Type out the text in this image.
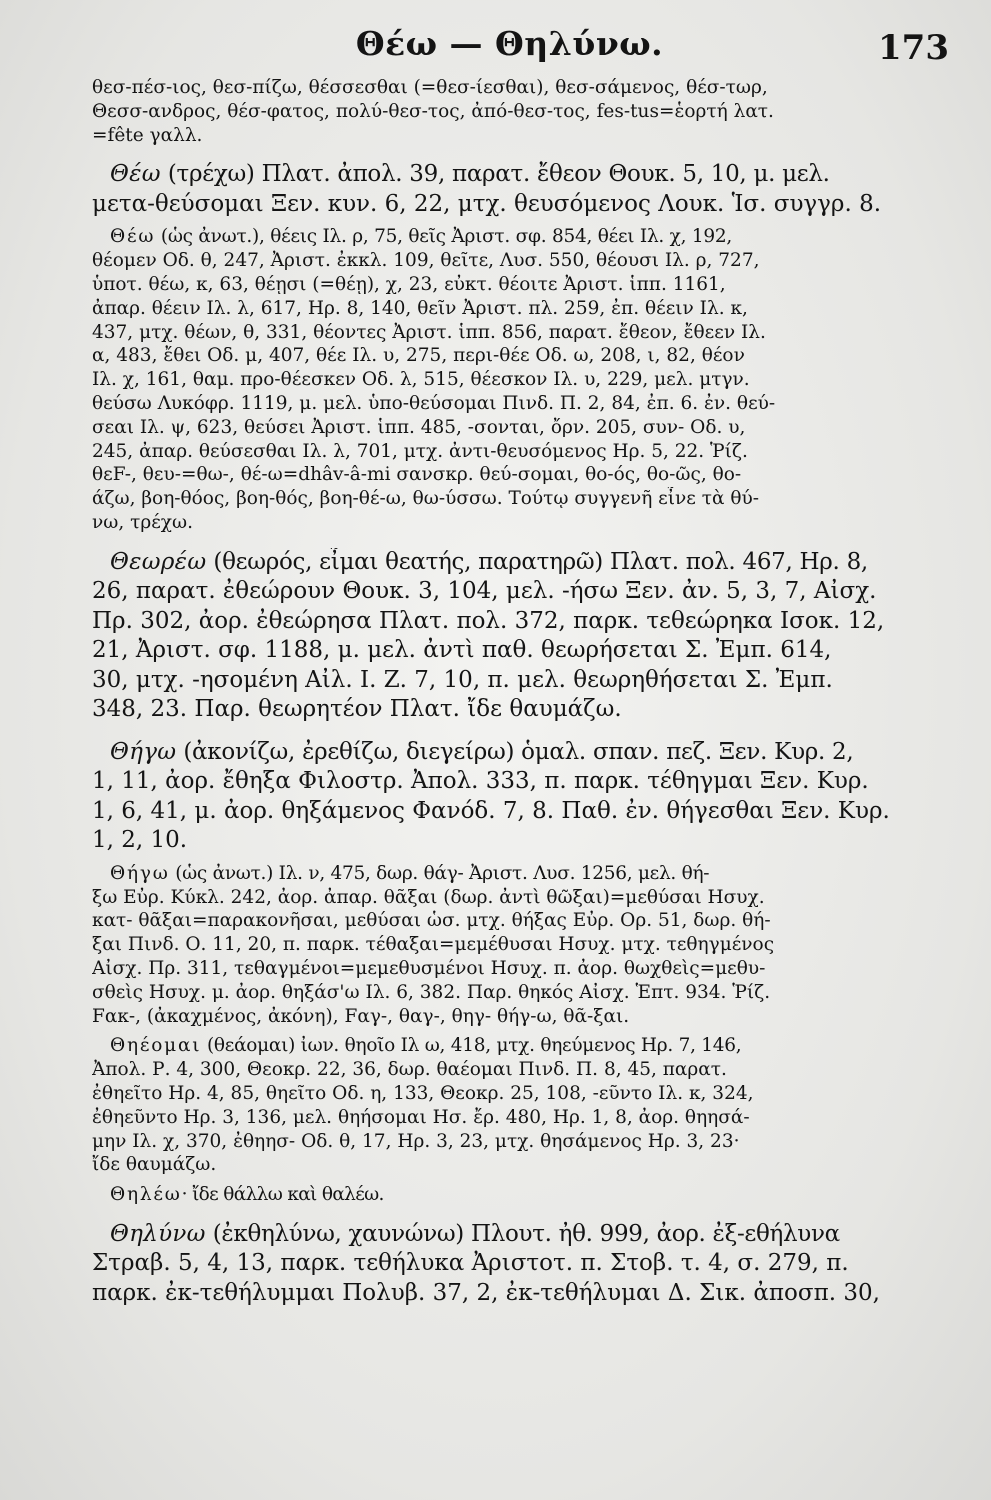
Θέω — Θηλύνω.	173
θεσ-πέσ-ιος, θεσ-πίζω, θέσσεσθαι (=θεσ-ίεσθαι), θεσ-σάμενος, θέσ-τωρ,
Θεσσ-ανδρος, θέσ-φατος, πολύ-θεσ-τος, ἀπό-θεσ-τος, fes-tus=ἑορτή λατ.
=fête γαλλ.
Θέω (τρέχω) Πλατ. ἀπολ. 39, παρατ. ἔθεον Θουκ. 5, 10, μ. μελ.
μετα-θεύσομαι Ξεν. κυν. 6, 22, μτχ. θευσόμενος Λουκ. Ἱσ. συγγρ. 8.
Θέω (ὡς ἀνωτ.), θέεις Ιλ. ρ, 75, θεῖς Ἀριστ. σφ. 854, θέει Ιλ. χ, 192,
θέομεν Οδ. θ, 247, Ἀριστ. ἐκκλ. 109, θεῖτε, Λυσ. 550, θέουσι Ιλ. ρ, 727,
ὑποτ. θέω, κ, 63, θέῃσι (=θέῃ), χ, 23, εὐκτ. θέοιτε Ἀριστ. ἱππ. 1161,
ἀπαρ. θέειν Ιλ. λ, 617, Ηρ. 8, 140, θεῖν Ἀριστ. πλ. 259, ἐπ. θέειν Ιλ. κ,
437, μτχ. θέων, θ, 331, θέοντες Ἀριστ. ἱππ. 856, παρατ. ἔθεον, ἔθεεν Ιλ.
α, 483, ἔθει Οδ. μ, 407, θέε Ιλ. υ, 275, περι-θέε Οδ. ω, 208, ι, 82, θέον
Ιλ. χ, 161, θαμ. προ-θέεσκεν Οδ. λ, 515, θέεσκον Ιλ. υ, 229, μελ. μτγν.
θεύσω Λυκόφρ. 1119, μ. μελ. ὑπο-θεύσομαι Πινδ. Π. 2, 84, ἐπ. 6. ἐν. θεύ-
σεαι Ιλ. ψ, 623, θεύσει Ἀριστ. ἱππ. 485, -σονται, ὄρν. 205, συν- Οδ. υ,
245, ἀπαρ. θεύσεσθαι Ιλ. λ, 701, μτχ. ἀντι-θευσόμενος Ηρ. 5, 22. Ῥίζ.
θεF-, θευ-=θω-, θέ-ω=dhâv-â-mi σανσκρ. θεύ-σομαι, θο-ός, θο-ῶς, θο-
άζω, βοη-θόος, βοη-θός, βοη-θέ-ω, θω-ύσσω. Τούτῳ συγγενῆ εἶνε τὰ θύ-
νω, τρέχω.
Θεωρέω (θεωρός, εἶμαι θεατής, παρατηρῶ) Πλατ. πολ. 467, Ηρ. 8,
26, παρατ. ἐθεώρουν Θουκ. 3, 104, μελ. -ήσω Ξεν. ἀν. 5, 3, 7, Αἰσχ.
Πρ. 302, ἀορ. ἐθεώρησα Πλατ. πολ. 372, παρκ. τεθεώρηκα Ισοκ. 12,
21, Ἀριστ. σφ. 1188, μ. μελ. ἀντὶ παθ. θεωρήσεται Σ. Ἐμπ. 614,
30, μτχ. -ησομένη Αἰλ. Ι. Ζ. 7, 10, π. μελ. θεωρηθήσεται Σ. Ἐμπ.
348, 23. Παρ. θεωρητέον Πλατ. ἴδε θαυμάζω.
Θήγω (ἀκονίζω, ἐρεθίζω, διεγείρω) ὁμαλ. σπαν. πεζ. Ξεν. Κυρ. 2,
1, 11, ἀορ. ἔθηξα Φιλοστρ. Ἀπολ. 333, π. παρκ. τέθηγμαι Ξεν. Κυρ.
1, 6, 41, μ. ἀορ. θηξάμενος Φανόδ. 7, 8. Παθ. ἐν. θήγεσθαι Ξεν. Κυρ.
1, 2, 10.
Θήγω (ὡς ἀνωτ.) Ιλ. ν, 475, δωρ. θάγ- Ἀριστ. Λυσ. 1256, μελ. θή-
ξω Εὐρ. Κύκλ. 242, ἀορ. ἀπαρ. θᾶξαι (δωρ. ἀντὶ θῶξαι)=μεθύσαι Ησυχ.
κατ- θᾶξαι=παρακονῆσαι, μεθύσαι ὡσ. μτχ. θήξας Εὐρ. Ορ. 51, δωρ. θή-
ξαι Πινδ. Ο. 11, 20, π. παρκ. τέθαξαι=μεμέθυσαι Ησυχ. μτχ. τεθηγμένος
Αἰσχ. Πρ. 311, τεθαγμένοι=μεμεθυσμένοι Ησυχ. π. ἀορ. θωχθεὶς=μεθυ-
σθεὶς Ησυχ. μ. ἀορ. θηξάσ'ω Ιλ. 6, 382. Παρ. θηκός Αἰσχ. Ἑπτ. 934. Ῥίζ.
Fακ-, (ἀκαχμένος, ἀκόνη), Fαγ-, θαγ-, θηγ- θήγ-ω, θᾶ-ξαι.
Θηέομαι (θεάομαι) ἰων. θηοῖο Ιλ ω, 418, μτχ. θηεύμενος Ηρ. 7, 146,
Ἀπολ. Ρ. 4, 300, Θεοκρ. 22, 36, δωρ. θαέομαι Πινδ. Π. 8, 45, παρατ.
ἐθηεῖτο Ηρ. 4, 85, θηεῖτο Οδ. η, 133, Θεοκρ. 25, 108, -εῦντο Ιλ. κ, 324,
ἐθηεῦντο Ηρ. 3, 136, μελ. θηήσομαι Ησ. ἔρ. 480, Ηρ. 1, 8, ἀορ. θηησά-
μην Ιλ. χ, 370, ἐθηησ- Οδ. θ, 17, Ηρ. 3, 23, μτχ. θησάμενος Ηρ. 3, 23·
ἴδε θαυμάζω.
Θηλέω· ἴδε θάλλω καὶ θαλέω.
Θηλύνω (ἐκθηλύνω, χαυνώνω) Πλουτ. ἠθ. 999, ἀορ. ἐξ-εθήλυνα
Στραβ. 5, 4, 13, παρκ. τεθήλυκα Ἀριστοτ. π. Στοβ. τ. 4, σ. 279, π.
παρκ. ἐκ-τεθήλυμμαι Πολυβ. 37, 2, ἐκ-τεθήλυμαι Δ. Σικ. ἀποσπ. 30,
